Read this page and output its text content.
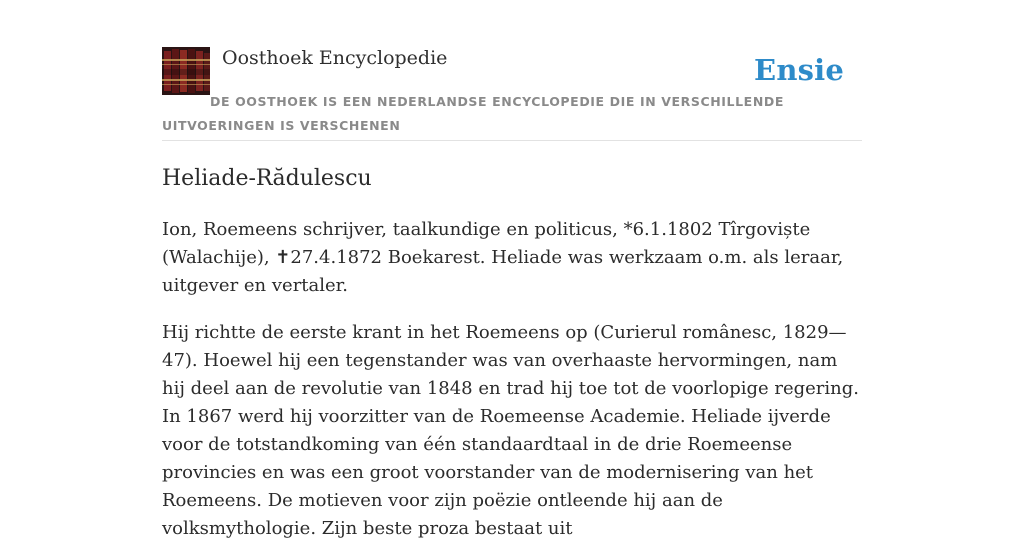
Oosthoek Encyclopedie	Ensie
DE OOSTHOEK IS EEN NEDERLANDSE ENCYCLOPEDIE DIE IN VERSCHILLENDE UITVOERINGEN IS VERSCHENEN
Heliade-Rădulescu

Ion, Roemeens schrijver, taalkundige en politicus, *6.1.1802 Tîrgoviște (Walachije), ✝27.4.1872 Boekarest. Heliade was werkzaam o.m. als leraar, uitgever en vertaler.

Hij richtte de eerste krant in het Roemeens op (Curierul românesc, 1829—47). Hoewel hij een tegenstander was van overhaaste hervormingen, nam hij deel aan de revolutie van 1848 en trad hij toe tot de voorlopige regering. In 1867 werd hij voorzitter van de Roemeense Academie. Heliade ijverde voor de totstandkoming van één standaardtaal in de drie Roemeense provincies en was een groot voorstander van de modernisering van het Roemeens. De motieven voor zijn poëzie ontleende hij aan de volksmythologie. Zijn beste proza bestaat uit
